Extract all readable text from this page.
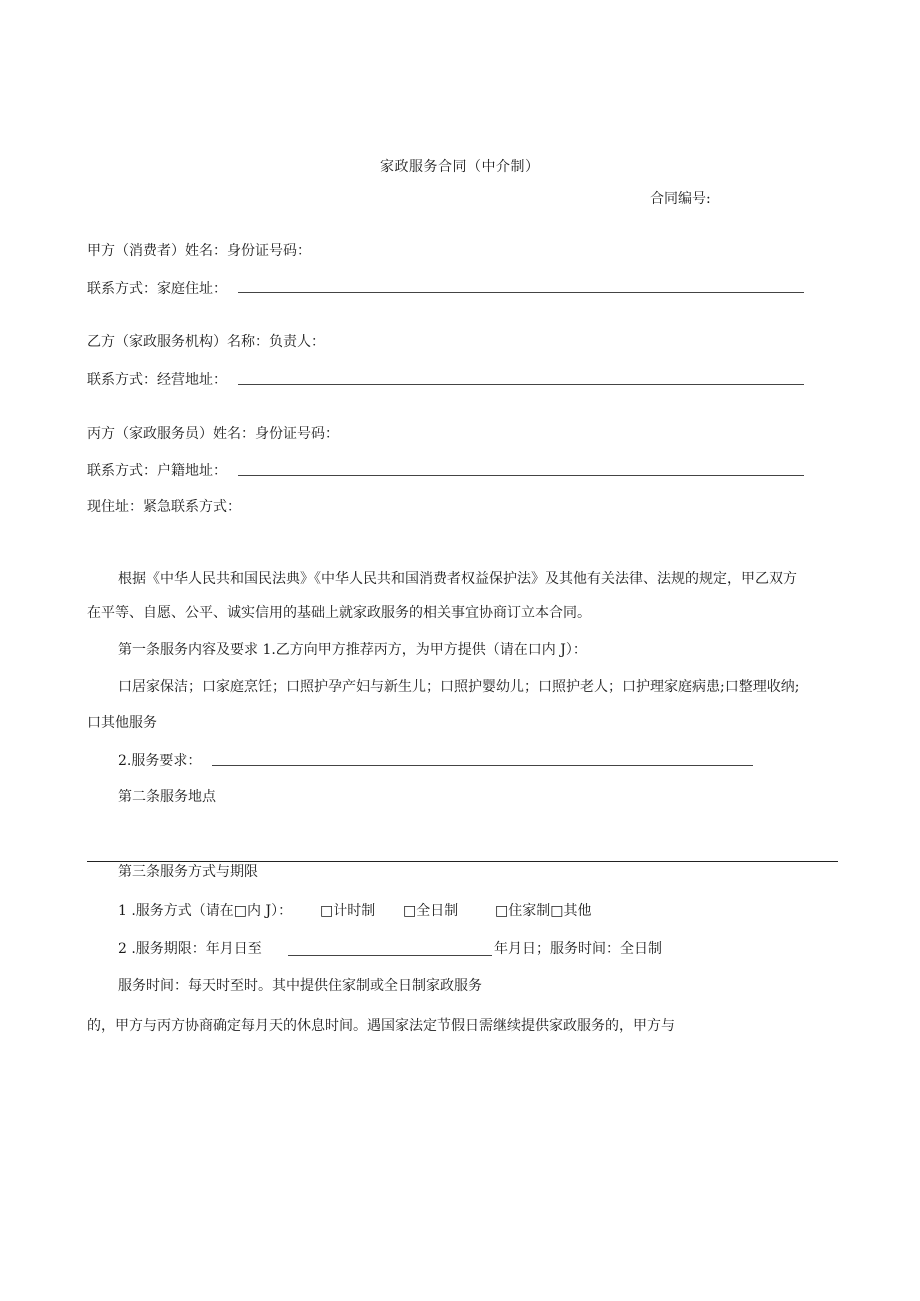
家政服务合同（中介制）
合同编号:
甲方（消费者）姓名：身份证号码：
联系方式：家庭住址：
乙方（家政服务机构）名称：负责人：
联系方式：经营地址：
丙方（家政服务员）姓名：身份证号码：
联系方式：户籍地址：
现住址：紧急联系方式：
根据《中华人民共和国民法典》《中华人民共和国消费者权益保护法》及其他有关法律、法规的规定，甲乙双方
在平等、自愿、公平、诚实信用的基础上就家政服务的相关事宜协商订立本合同。
第一条服务内容及要求 1.乙方向甲方推荐丙方，为甲方提供（请在口内 J）：
口居家保洁；口家庭烹饪；口照护孕产妇与新生儿；口照护婴幼儿；口照护老人；口护理家庭病患;口整理收纳;
口其他服务
2.服务要求：
第二条服务地点
第三条服务方式与期限
1 .服务方式（请在□内 J）： □计时制 □全日制	□住家制□其他
2 .服务期限：年月日至	年月日；服务时间：全日制
服务时间：每天时至时。其中提供住家制或全日制家政服务
的，甲方与丙方协商确定每月天的休息时间。遇国家法定节假日需继续提供家政服务的，甲方与
